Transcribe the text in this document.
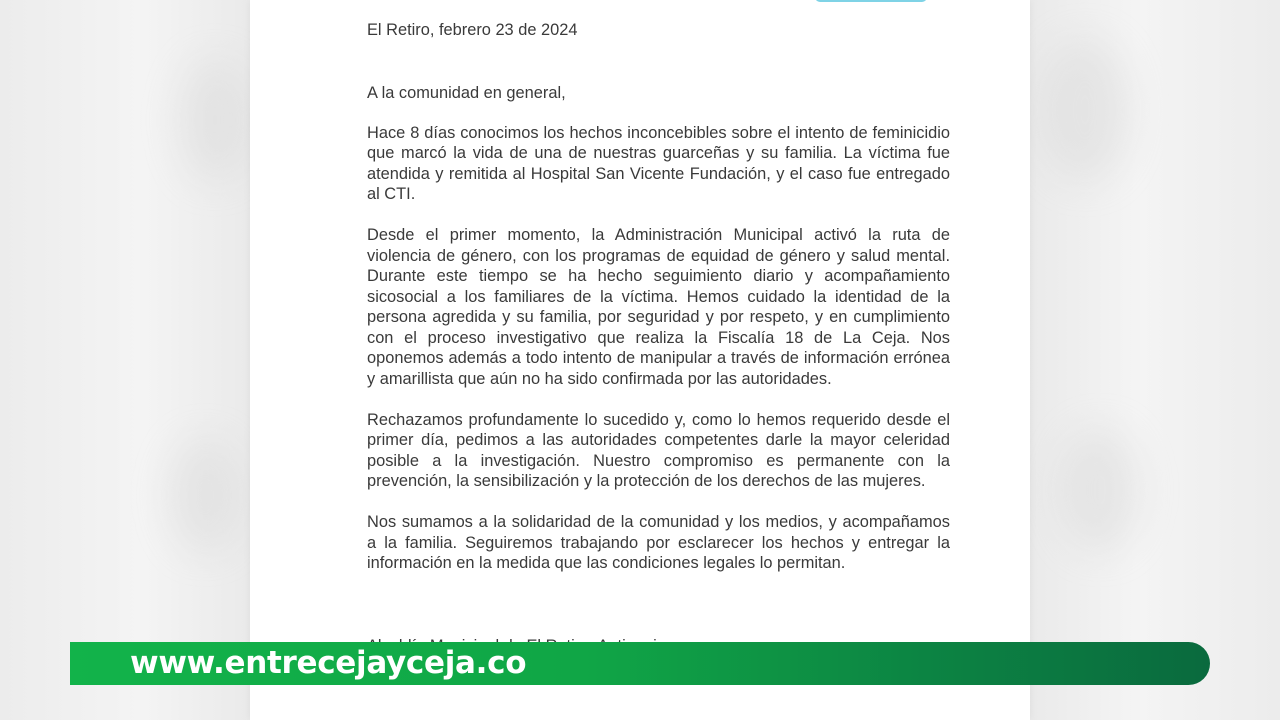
El Retiro, febrero 23 de 2024

A la comunidad en general,

Hace 8 días conocimos los hechos inconcebibles sobre el intento de feminicidio que marcó la vida de una de nuestras guarceñas y su familia. La víctima fue atendida y remitida al Hospital San Vicente Fundación, y el caso fue entregado al CTI.

Desde el primer momento, la Administración Municipal activó la ruta de violencia de género, con los programas de equidad de género y salud mental. Durante este tiempo se ha hecho seguimiento diario y acompañamiento sicosocial a los familiares de la víctima. Hemos cuidado la identidad de la persona agredida y su familia, por seguridad y por respeto, y en cumplimiento con el proceso investigativo que realiza la Fiscalía 18 de La Ceja. Nos oponemos además a todo intento de manipular a través de información errónea y amarillista que aún no ha sido confirmada por las autoridades.

Rechazamos profundamente lo sucedido y, como lo hemos requerido desde el primer día, pedimos a las autoridades competentes darle la mayor celeridad posible a la investigación. Nuestro compromiso es permanente con la prevención, la sensibilización y la protección de los derechos de las mujeres.

Nos sumamos a la solidaridad de la comunidad y los medios, y acompañamos a la familia. Seguiremos trabajando por esclarecer los hechos y entregar la información en la medida que las condiciones legales lo permitan.

www.entrecejayceja.co
